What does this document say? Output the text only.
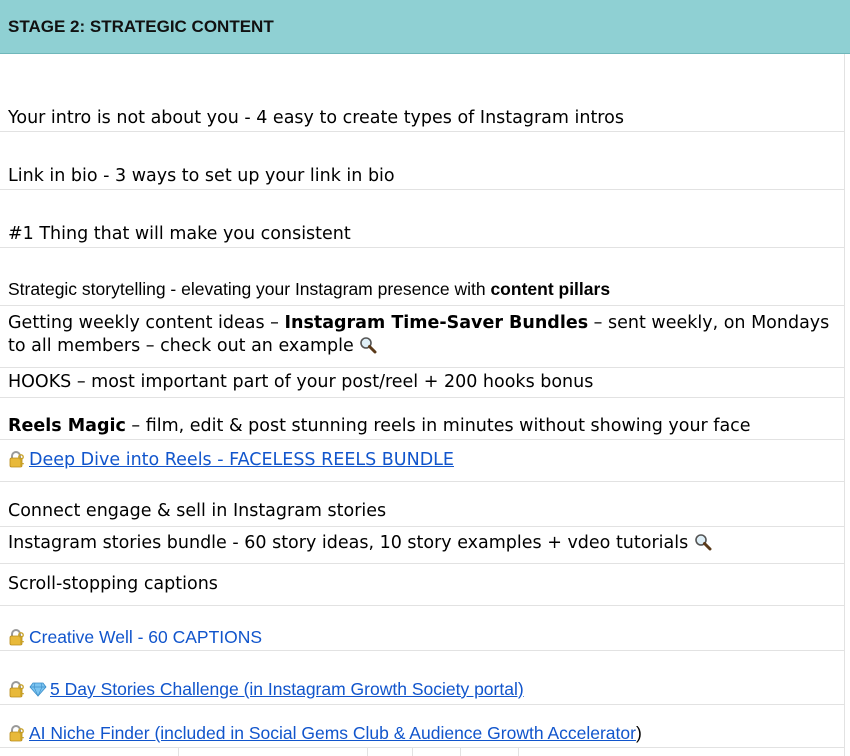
STAGE 2: STRATEGIC CONTENT
Your intro is not about you - 4 easy to create types of Instagram intros
Link in bio - 3 ways to set up your link in bio
#1 Thing that will make you consistent
Strategic storytelling - elevating your Instagram presence with content pillars
Getting weekly content ideas – Instagram Time-Saver Bundles – sent weekly, on Mondays to all members – check out an example
HOOKS – most important part of your post/reel + 200 hooks bonus
Reels Magic – film, edit & post stunning reels in minutes without showing your face
Deep Dive into Reels - FACELESS REELS BUNDLE
Connect engage & sell in Instagram stories
Instagram stories bundle - 60 story ideas, 10 story examples + vdeo tutorials
Scroll-stopping captions
Creative Well - 60 CAPTIONS
5 Day Stories Challenge (in Instagram Growth Society portal)
AI Niche Finder (included in Social Gems Club & Audience Growth Accelerator)
